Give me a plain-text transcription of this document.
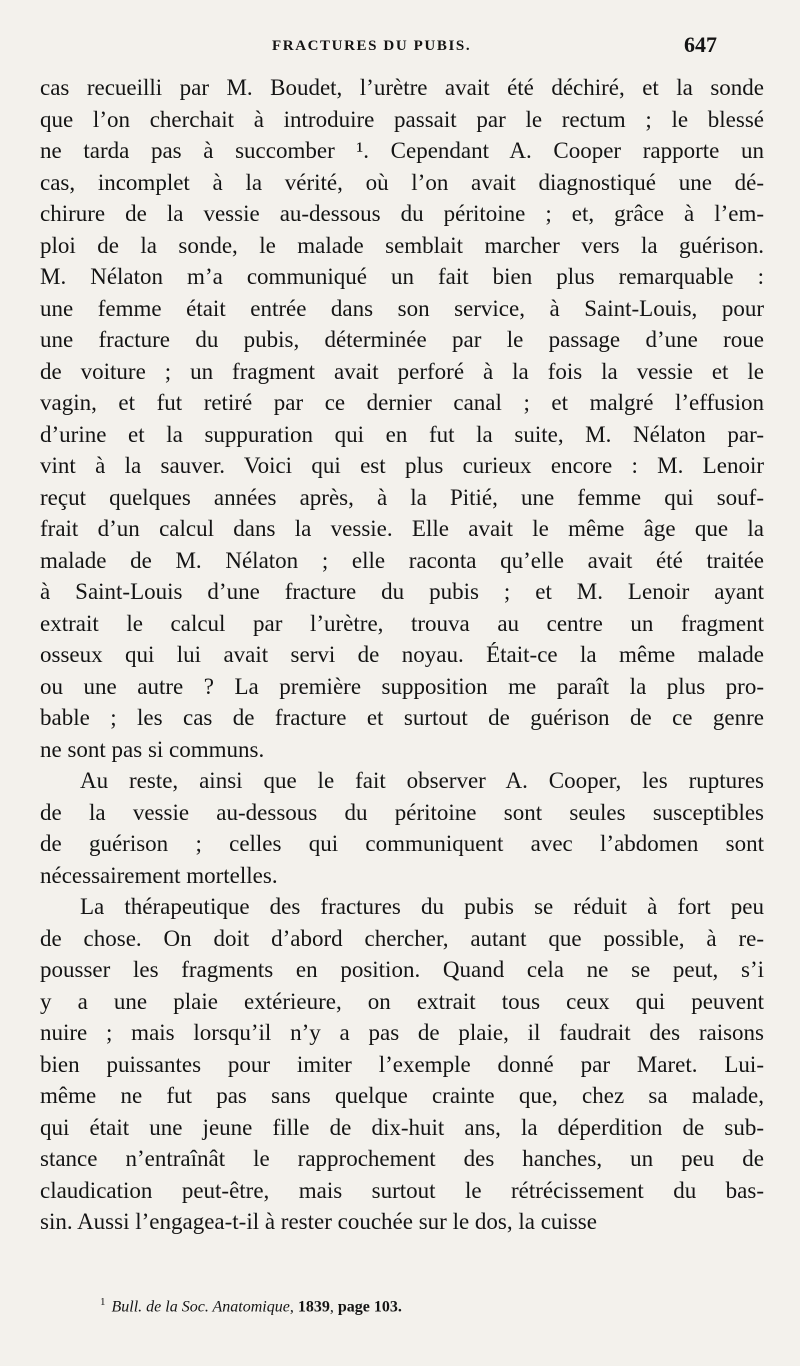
FRACTURES DU PUBIS.	647
cas recueilli par M. Boudet, l’urètre avait été déchiré, et la sonde
que l’on cherchait à introduire passait par le rectum ; le blessé
ne tarda pas à succomber ¹. Cependant A. Cooper rapporte un
cas, incomplet à la vérité, où l’on avait diagnostiqué une dé-
chirure de la vessie au-dessous du péritoine ; et, grâce à l’em-
ploi de la sonde, le malade semblait marcher vers la guérison.
M. Nélaton m’a communiqué un fait bien plus remarquable :
une femme était entrée dans son service, à Saint-Louis, pour
une fracture du pubis, déterminée par le passage d’une roue
de voiture ; un fragment avait perforé à la fois la vessie et le
vagin, et fut retiré par ce dernier canal ; et malgré l’effusion
d’urine et la suppuration qui en fut la suite, M. Nélaton par-
vint à la sauver. Voici qui est plus curieux encore : M. Lenoir
reçut quelques années après, à la Pitié, une femme qui souf-
frait d’un calcul dans la vessie. Elle avait le même âge que la
malade de M. Nélaton ; elle raconta qu’elle avait été traitée
à Saint-Louis d’une fracture du pubis ; et M. Lenoir ayant
extrait le calcul par l’urètre, trouva au centre un fragment
osseux qui lui avait servi de noyau. Était-ce la même malade
ou une autre ? La première supposition me paraît la plus pro-
bable ; les cas de fracture et surtout de guérison de ce genre
ne sont pas si communs.
Au reste, ainsi que le fait observer A. Cooper, les ruptures
de la vessie au-dessous du péritoine sont seules susceptibles
de guérison ; celles qui communiquent avec l’abdomen sont
nécessairement mortelles.
La thérapeutique des fractures du pubis se réduit à fort peu
de chose. On doit d’abord chercher, autant que possible, à re-
pousser les fragments en position. Quand cela ne se peut, s’i
y a une plaie extérieure, on extrait tous ceux qui peuvent
nuire ; mais lorsqu’il n’y a pas de plaie, il faudrait des raisons
bien puissantes pour imiter l’exemple donné par Maret. Lui-
même ne fut pas sans quelque crainte que, chez sa malade,
qui était une jeune fille de dix-huit ans, la déperdition de sub-
stance n’entraînât le rapprochement des hanches, un peu de
claudication peut-être, mais surtout le rétrécissement du bas-
sin. Aussi l’engagea-t-il à rester couchée sur le dos, la cuisse
$^1$ Bull. de la Soc. Anatomique, 1839, page 103.
